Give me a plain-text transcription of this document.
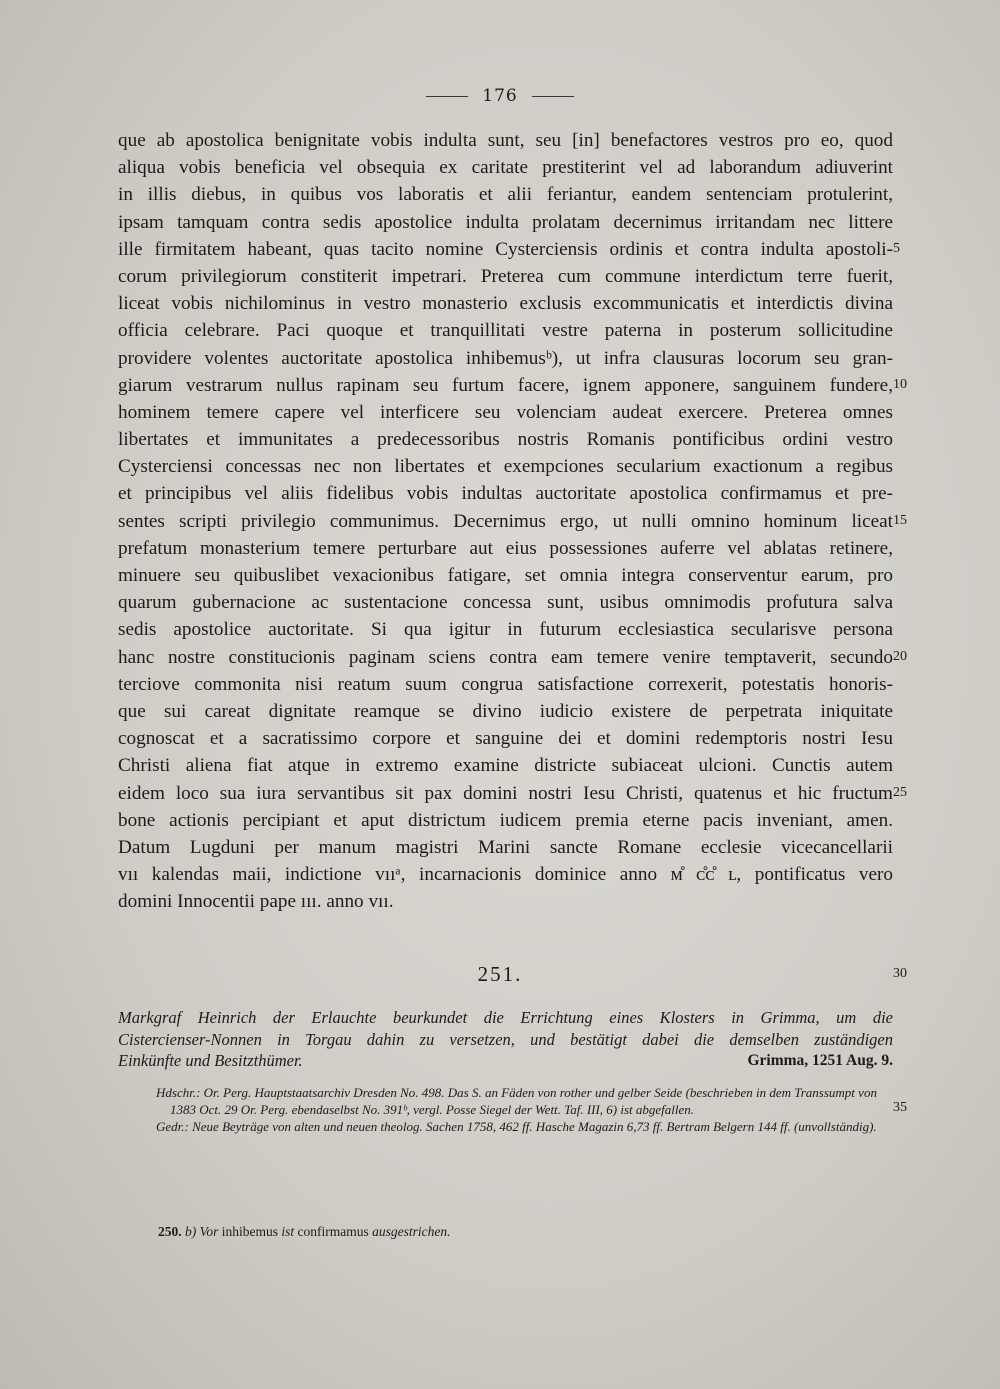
176
que ab apostolica benignitate vobis indulta sunt, seu [in] benefactores vestros pro eo, quod
aliqua vobis beneficia vel obsequia ex caritate prestiterint vel ad laborandum adiuverint
in illis diebus, in quibus vos laboratis et alii feriantur, eandem sentenciam protulerint,
ipsam tamquam contra sedis apostolice indulta prolatam decernimus irritandam nec littere
ille firmitatem habeant, quas tacito nomine Cysterciensis ordinis et contra indulta apostoli-
corum privilegiorum constiterit impetrari. Preterea cum commune interdictum terre fuerit,
liceat vobis nichilominus in vestro monasterio exclusis excommunicatis et interdictis divina
officia celebrare. Paci quoque et tranquillitati vestre paterna in posterum sollicitudine
providere volentes auctoritate apostolica inhibemusᵇ), ut infra clausuras locorum seu gran-
giarum vestrarum nullus rapinam seu furtum facere, ignem apponere, sanguinem fundere,
hominem temere capere vel interficere seu volenciam audeat exercere. Preterea omnes
libertates et immunitates a predecessoribus nostris Romanis pontificibus ordini vestro
Cysterciensi concessas nec non libertates et exempciones secularium exactionum a regibus
et principibus vel aliis fidelibus vobis indultas auctoritate apostolica confirmamus et pre-
sentes scripti privilegio communimus. Decernimus ergo, ut nulli omnino hominum liceat
prefatum monasterium temere perturbare aut eius possessiones auferre vel ablatas retinere,
minuere seu quibuslibet vexacionibus fatigare, set omnia integra conserventur earum, pro
quarum gubernacione ac sustentacione concessa sunt, usibus omnimodis profutura salva
sedis apostolice auctoritate. Si qua igitur in futurum ecclesiastica secularisve persona
hanc nostre constitucionis paginam sciens contra eam temere venire temptaverit, secundo
terciove commonita nisi reatum suum congrua satisfactione correxerit, potestatis honoris-
que sui careat dignitate reamque se divino iudicio existere de perpetrata iniquitate
cognoscat et a sacratissimo corpore et sanguine dei et domini redemptoris nostri Iesu
Christi aliena fiat atque in extremo examine districte subiaceat ulcioni. Cunctis autem
eidem loco sua iura servantibus sit pax domini nostri Iesu Christi, quatenus et hic fructum
bone actionis percipiant et aput districtum iudicem premia eterne pacis inveniant, amen.
Datum Lugduni per manum magistri Marini sancte Romane ecclesie vicecancellarii
vıı kalendas maii, indictione vııᵃ, incarnacionis dominice anno ᴍ̊ ᴄ̊ᴄ̊ ʟ, pontificatus vero
domini Innocentii pape ııı. anno vıı.
5
10
15
20
25
30
35
251.
Markgraf Heinrich der Erlauchte beurkundet die Errichtung eines Klosters in Grimma, um die
Cistercienser-Nonnen in Torgau dahin zu versetzen, und bestätigt dabei die demselben zuständigen
Einkünfte und Besitzthümer.	Grimma, 1251 Aug. 9.

Hdschr.: Or. Perg. Hauptstaatsarchiv Dresden No. 498. Das S. an Fäden von rother und gelber Seide (beschrieben in dem Transsumpt von 1383 Oct. 29 Or. Perg. ebendaselbst No. 391ᵇ, vergl. Posse Siegel der Wett. Taf. III, 6) ist abgefallen.

Gedr.: Neue Beyträge von alten und neuen theolog. Sachen 1758, 462 ff. Hasche Magazin 6,73 ff. Bertram Belgern 144 ff. (unvollständig).

250. b) Vor inhibemus ist confirmamus ausgestrichen.
